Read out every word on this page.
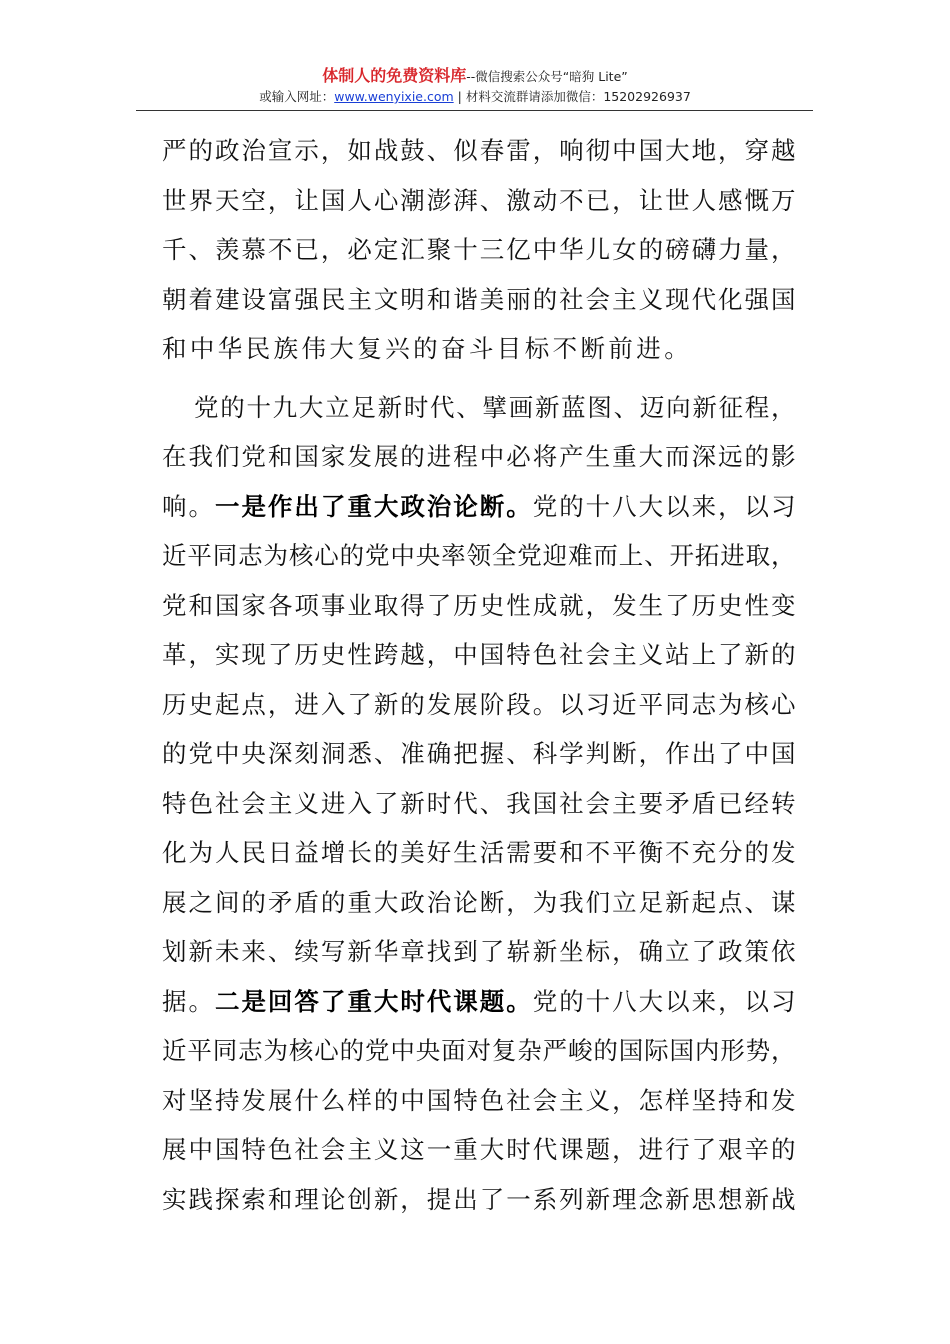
体制人的免费资料库--微信搜索公众号“暗狗 Lite”
或输入网址：www.wenyixie.com | 材料交流群请添加微信：15202926937
严的政治宣示，如战鼓、似春雷，响彻中国大地，穿越
世界天空，让国人心潮澎湃、激动不已，让世人感慨万
千、羡慕不已，必定汇聚十三亿中华儿女的磅礴力量，
朝着建设富强民主文明和谐美丽的社会主义现代化强国
和中华民族伟大复兴的奋斗目标不断前进。
党的十九大立足新时代、擘画新蓝图、迈向新征程，
在我们党和国家发展的进程中必将产生重大而深远的影
响。一是作出了重大政治论断。党的十八大以来，以习
近平同志为核心的党中央率领全党迎难而上、开拓进取，
党和国家各项事业取得了历史性成就，发生了历史性变
革，实现了历史性跨越，中国特色社会主义站上了新的
历史起点，进入了新的发展阶段。以习近平同志为核心
的党中央深刻洞悉、准确把握、科学判断，作出了中国
特色社会主义进入了新时代、我国社会主要矛盾已经转
化为人民日益增长的美好生活需要和不平衡不充分的发
展之间的矛盾的重大政治论断，为我们立足新起点、谋
划新未来、续写新华章找到了崭新坐标，确立了政策依
据。二是回答了重大时代课题。党的十八大以来，以习
近平同志为核心的党中央面对复杂严峻的国际国内形势，
对坚持发展什么样的中国特色社会主义，怎样坚持和发
展中国特色社会主义这一重大时代课题，进行了艰辛的
实践探索和理论创新，提出了一系列新理念新思想新战
